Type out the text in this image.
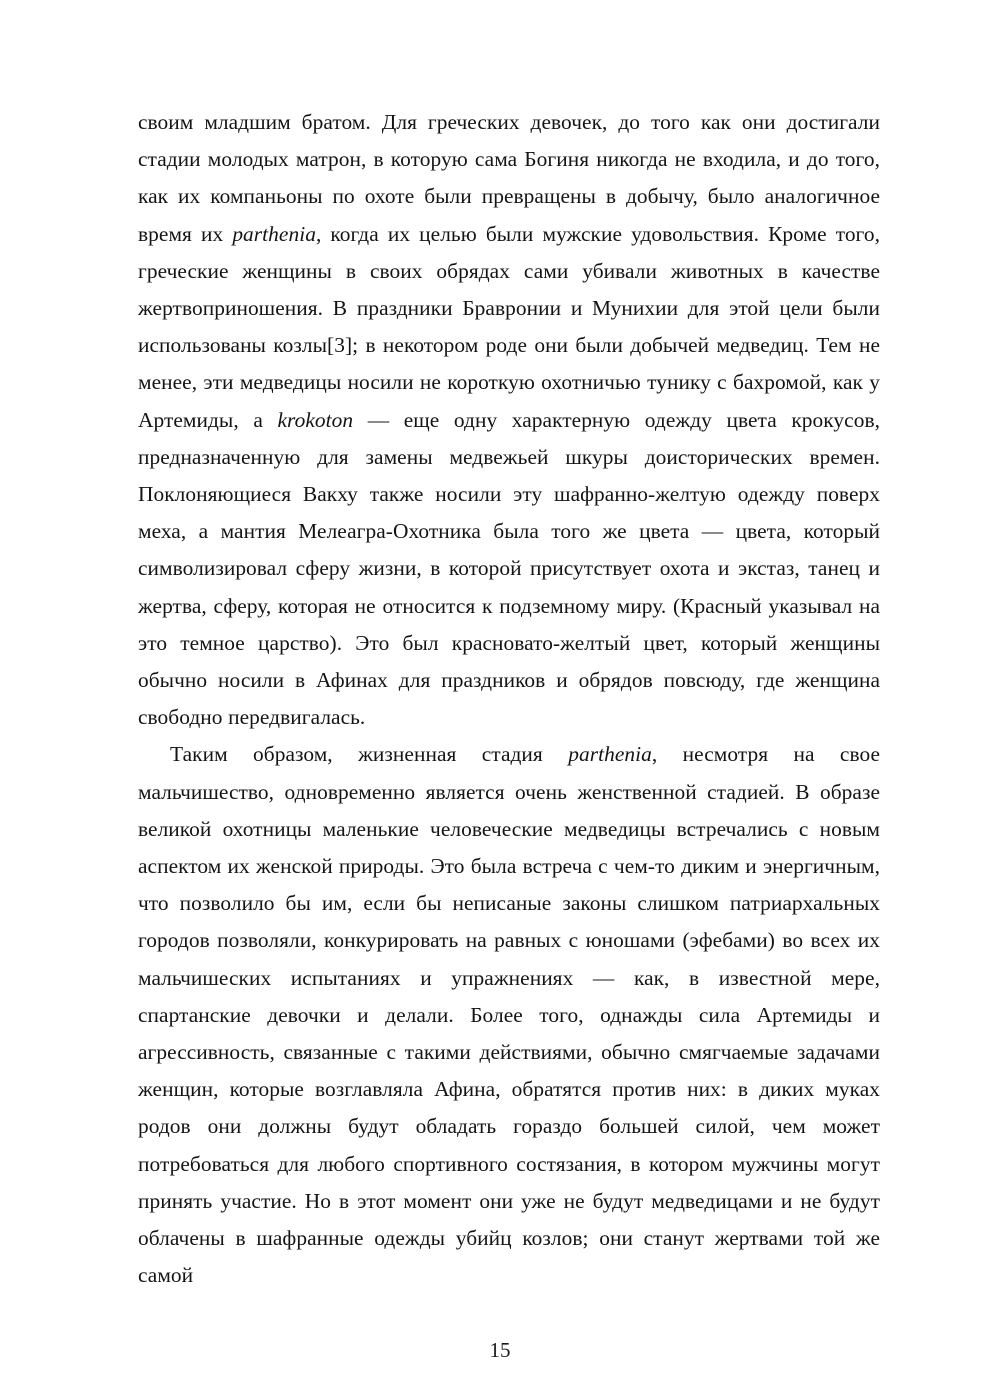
своим младшим братом. Для греческих девочек, до того как они достигали стадии молодых матрон, в которую сама Богиня никогда не входила, и до того, как их компаньоны по охоте были превращены в добычу, было аналогичное время их parthenia, когда их целью были мужские удовольствия. Кроме того, греческие женщины в своих обрядах сами убивали животных в качестве жертвоприношения. В праздники Бравронии и Мунихии для этой цели были использованы козлы[3]; в некотором роде они были добычей медведиц. Тем не менее, эти медведицы носили не короткую охотничью тунику с бахромой, как у Артемиды, а krokoton — еще одну характерную одежду цвета крокусов, предназначенную для замены медвежьей шкуры доисторических времен. Поклоняющиеся Вакху также носили эту шафранно-желтую одежду поверх меха, а мантия Мелеагра-Охотника была того же цвета — цвета, который символизировал сферу жизни, в которой присутствует охота и экстаз, танец и жертва, сферу, которая не относится к подземному миру. (Красный указывал на это темное царство). Это был красновато-желтый цвет, который женщины обычно носили в Афинах для праздников и обрядов повсюду, где женщина свободно передвигалась.

Таким образом, жизненная стадия parthenia, несмотря на свое мальчишество, одновременно является очень женственной стадией. В образе великой охотницы маленькие человеческие медведицы встречались с новым аспектом их женской природы. Это была встреча с чем-то диким и энергичным, что позволило бы им, если бы неписаные законы слишком патриархальных городов позволяли, конкурировать на равных с юношами (эфебами) во всех их мальчишеских испытаниях и упражнениях — как, в известной мере, спартанские девочки и делали. Более того, однажды сила Артемиды и агрессивность, связанные с такими действиями, обычно смягчаемые задачами женщин, которые возглавляла Афина, обратятся против них: в диких муках родов они должны будут обладать гораздо большей силой, чем может потребоваться для любого спортивного состязания, в котором мужчины могут принять участие. Но в этот момент они уже не будут медведицами и не будут облачены в шафранные одежды убийц козлов; они станут жертвами той же самой

15
